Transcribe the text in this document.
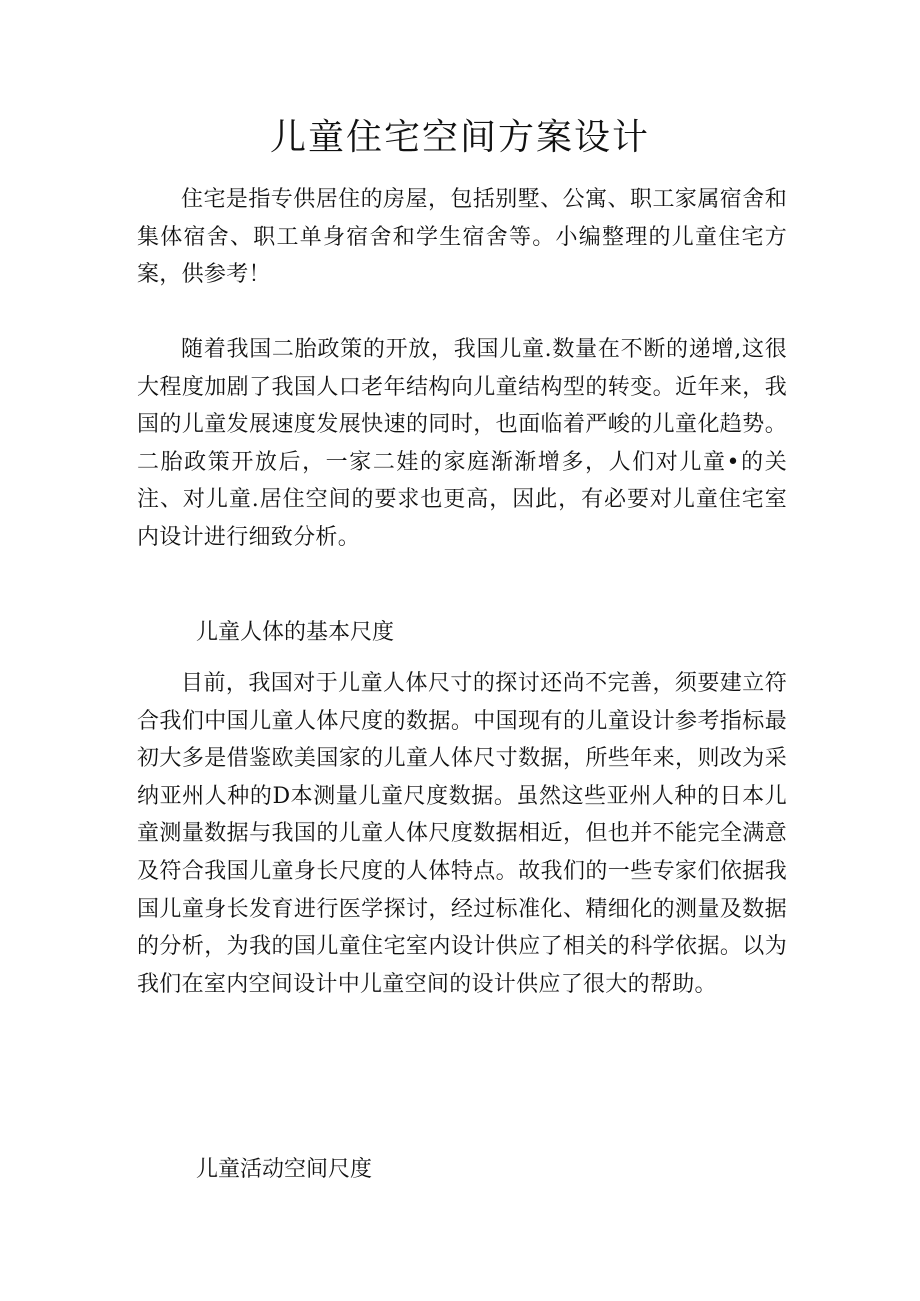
儿童住宅空间方案设计
住宅是指专供居住的房屋，包括别墅、公寓、职工家属宿舍和集体宿舍、职工单身宿舍和学生宿舍等。小编整理的儿童住宅方案，供参考！
随着我国二胎政策的开放，我国儿童.数量在不断的递增,这很大程度加剧了我国人口老年结构向儿童结构型的转变。近年来，我国的儿童发展速度发展快速的同时，也面临着严峻的儿童化趋势。二胎政策开放后，一家二娃的家庭渐渐增多，人们对儿童•的关注、对儿童.居住空间的要求也更高，因此，有必要对儿童住宅室内设计进行细致分析。
儿童人体的基本尺度
目前，我国对于儿童人体尺寸的探讨还尚不完善，须要建立符合我们中国儿童人体尺度的数据。中国现有的儿童设计参考指标最初大多是借鉴欧美国家的儿童人体尺寸数据，所些年来，则改为采纳亚州人种的D本测量儿童尺度数据。虽然这些亚州人种的日本儿童测量数据与我国的儿童人体尺度数据相近，但也并不能完全满意及符合我国儿童身长尺度的人体特点。故我们的一些专家们依据我国儿童身长发育进行医学探讨，经过标准化、精细化的测量及数据的分析，为我的国儿童住宅室内设计供应了相关的科学依据。以为我们在室内空间设计中儿童空间的设计供应了很大的帮助。
儿童活动空间尺度
